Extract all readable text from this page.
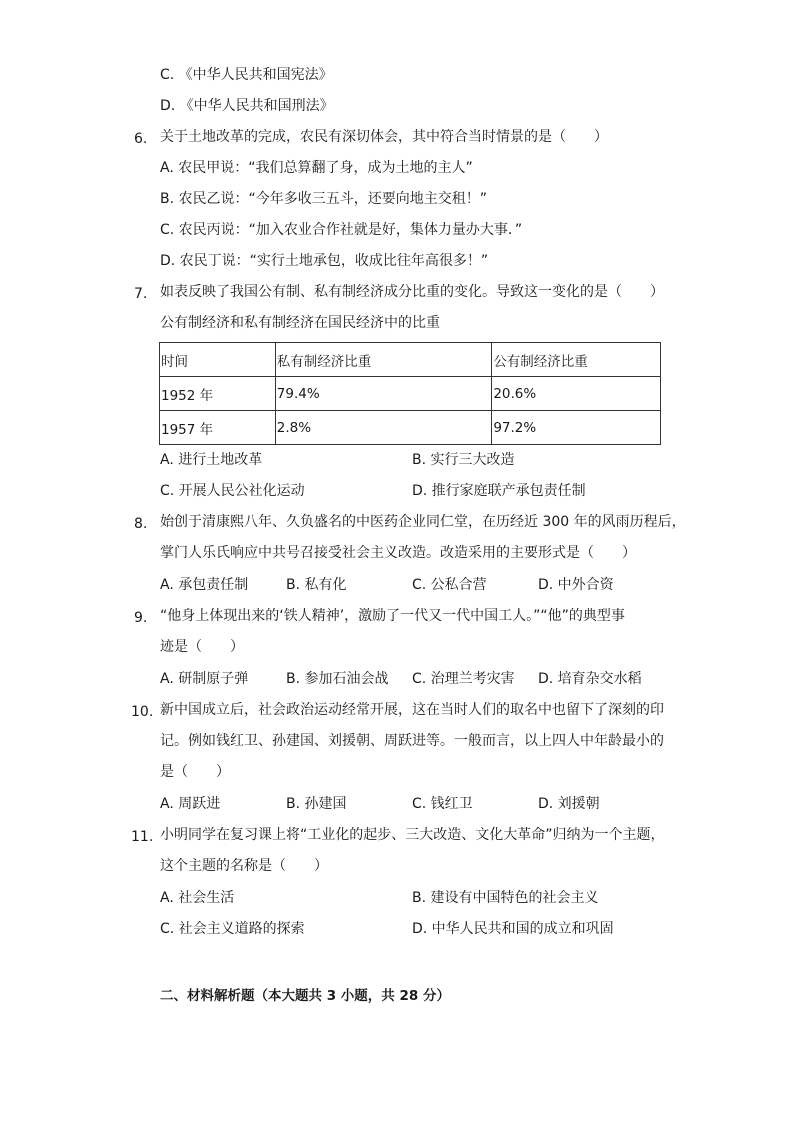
C. 《中华人民共和国宪法》
D. 《中华人民共和国刑法》
6. 关于土地改革的完成，农民有深切体会，其中符合当时情景的是（　　）
A. 农民甲说：“我们总算翻了身，成为土地的主人”
B. 农民乙说：“今年多收三五斗，还要向地主交租！”
C. 农民丙说：“加入农业合作社就是好，集体力量办大事．”
D. 农民丁说：“实行土地承包，收成比往年高很多！”
7. 如表反映了我国公有制、私有制经济成分比重的变化。导致这一变化的是（　　）
公有制经济和私有制经济在国民经济中的比重
时间	私有制经济比重	公有制经济比重
1952 年	79.4%	20.6%
1957 年	2.8%	97.2%
A. 进行土地改革	B. 实行三大改造
C. 开展人民公社化运动	D. 推行家庭联产承包责任制
8. 始创于清康熙八年、久负盛名的中医药企业同仁堂，在历经近 300 年的风雨历程后，
掌门人乐氏响应中共号召接受社会主义改造。改造采用的主要形式是（　　）
A. 承包责任制	B. 私有化	C. 公私合营	D. 中外合资
9. “他身上体现出来的‘铁人精神’，激励了一代又一代中国工人。”“他”的典型事
迹是（　　）
A. 研制原子弹	B. 参加石油会战 C. 治理兰考灾害 D. 培育杂交水稻
10. 新中国成立后，社会政治运动经常开展，这在当时人们的取名中也留下了深刻的印
记。例如钱红卫、孙建国、刘援朝、周跃进等。一般而言，以上四人中年龄最小的
是（　　）
A. 周跃进	B. 孙建国	C. 钱红卫	D. 刘援朝
11. 小明同学在复习课上将“工业化的起步、三大改造、文化大革命”归纳为一个主题，
这个主题的名称是（　　）
A. 社会生活	B. 建设有中国特色的社会主义
C. 社会主义道路的探索	D. 中华人民共和国的成立和巩固
二、材料解析题（本大题共 3 小题，共 28 分）
